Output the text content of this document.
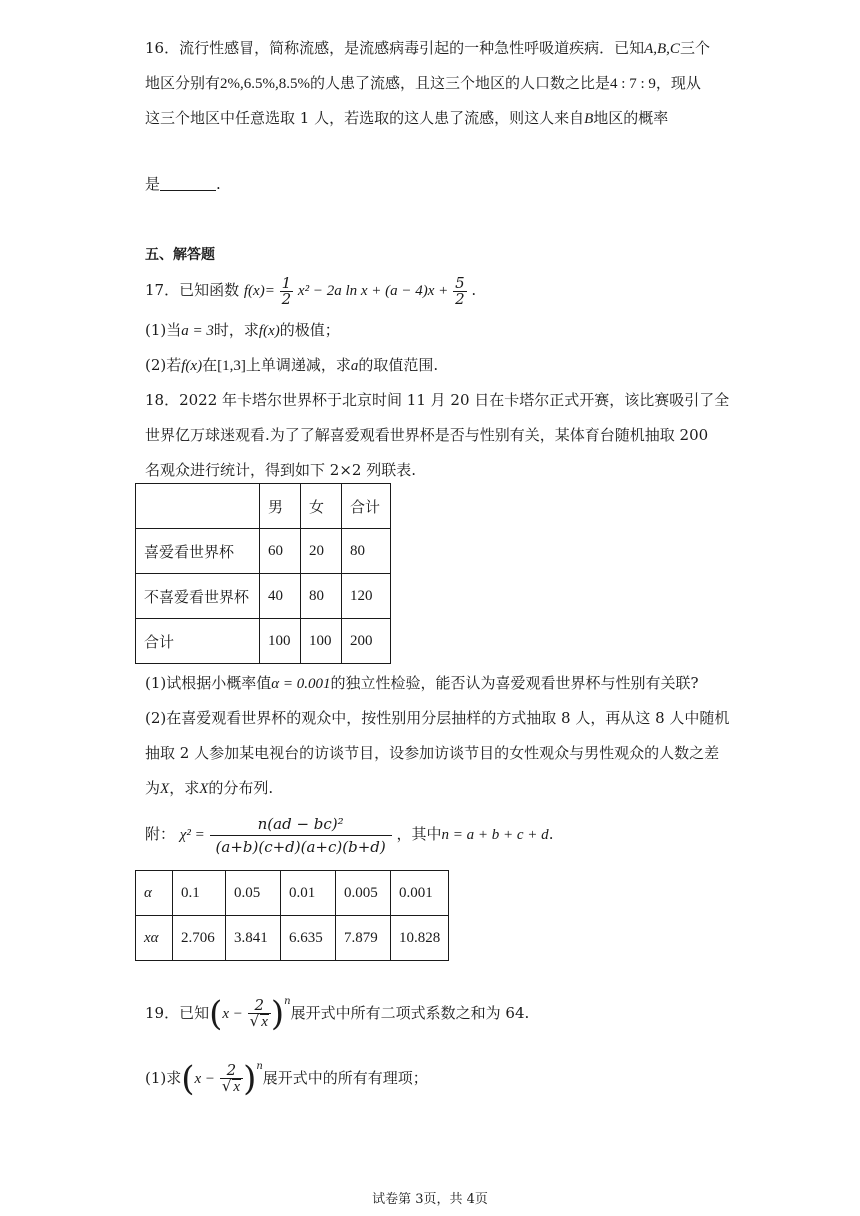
16．流行性感冒，简称流感，是流感病毒引起的一种急性呼吸道疾病．已知A,B,C三个
地区分别有2%,6.5%,8.5%的人患了流感，且这三个地区的人口数之比是4 : 7 : 9，现从
这三个地区中任意选取 1 人，若选取的这人患了流感，则这人来自B地区的概率
是	.
五、解答题
17．已知函数 $f(x)= \frac{1}{2} x^2 - 2a$ $\ln x + (a - 4)x + \frac{5}{2}$ .
(1)当a = 3时，求f(x)的极值；
(2)若f(x)在[1,3]上单调递减，求a的取值范围.
18．2022 年卡塔尔世界杯于北京时间 11 月 20 日在卡塔尔正式开赛，该比赛吸引了全
世界亿万球迷观看.为了了解喜爱观看世界杯是否与性别有关，某体育台随机抽取 200
名观众进行统计，得到如下 2×2 列联表.
	男	女	合计
喜爱看世界杯	60	20	80
不喜爱看世界杯	40	80	120
合计	100	100	200
(1)试根据小概率值α = 0.001的独立性检验，能否认为喜爱观看世界杯与性别有关联?
(2)在喜爱观看世界杯的观众中，按性别用分层抽样的方式抽取 8 人，再从这 8 人中随机
抽取 2 人参加某电视台的访谈节目，设参加访谈节目的女性观众与男性观众的人数之差
为X，求X的分布列.
附： $\chi^2 = \frac{\text{n(ad − bc)²}}{(a+b)(c+d)(a+c)(b+d)}$ ，其中n = a + b + c + d.
α	0.1	0.05	0.01	0.005	0.001
xα	2.706	3.841	6.635	7.879	10.828
19．已知$(x - \frac{2}{√ x} )^n$展开式中所有二项式系数之和为 64.
(1)求$(x - \frac{2}{√ x} )^n$展开式中的所有有理项；
试卷第 3页，共 4页
